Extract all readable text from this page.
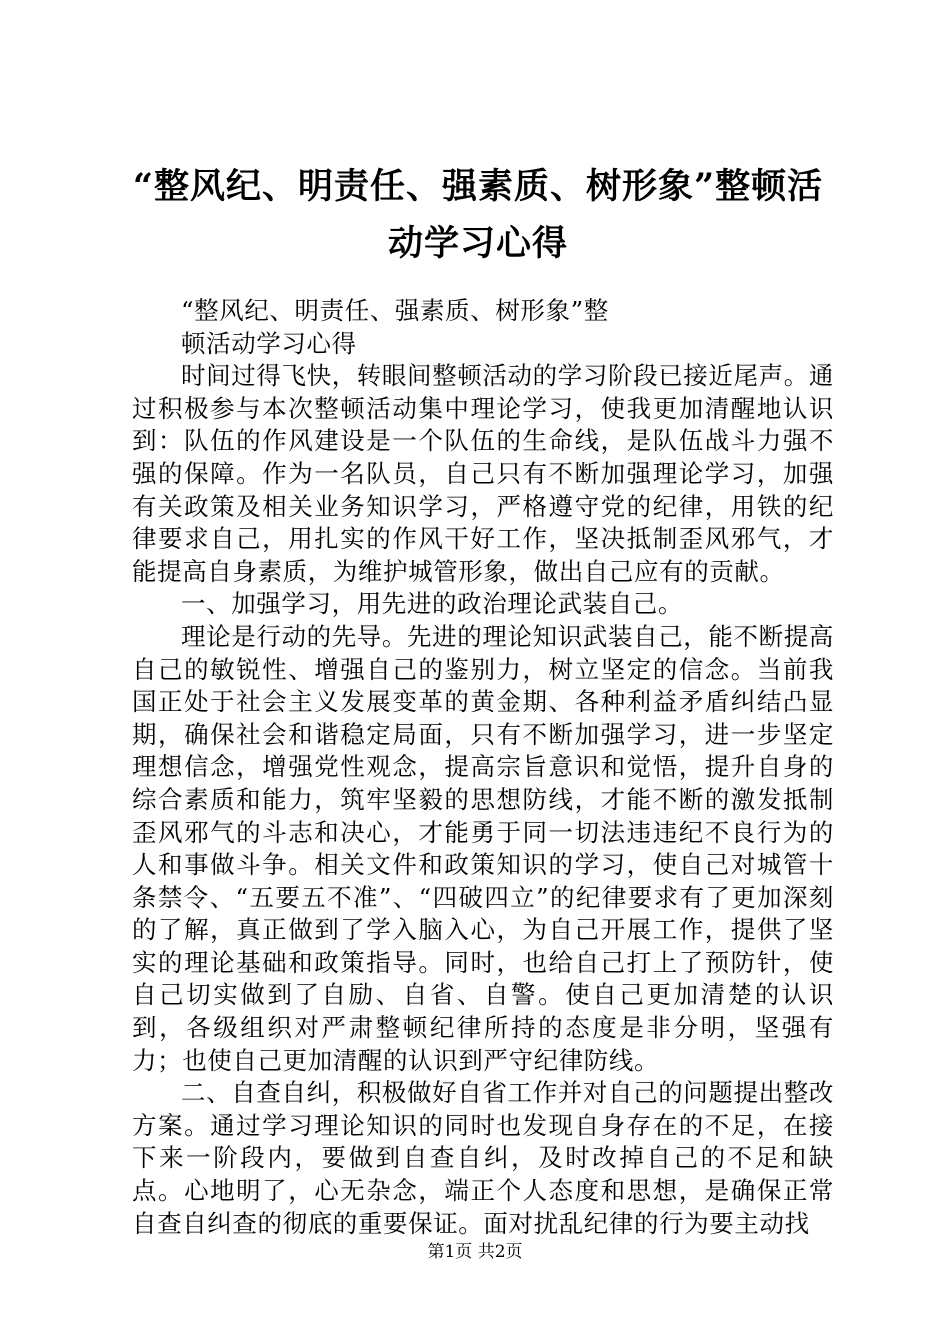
“整风纪、明责任、强素质、树形象”整顿活动学习心得

“整风纪、明责任、强素质、树形象”整

顿活动学习心得

时间过得飞快，转眼间整顿活动的学习阶段已接近尾声。通过积极参与本次整顿活动集中理论学习，使我更加清醒地认识到：队伍的作风建设是一个队伍的生命线，是队伍战斗力强不强的保障。作为一名队员，自己只有不断加强理论学习，加强有关政策及相关业务知识学习，严格遵守党的纪律，用铁的纪律要求自己，用扎实的作风干好工作，坚决抵制歪风邪气，才能提高自身素质，为维护城管形象，做出自己应有的贡献。

一、加强学习，用先进的政治理论武装自己。

理论是行动的先导。先进的理论知识武装自己，能不断提高自己的敏锐性、增强自己的鉴别力，树立坚定的信念。当前我国正处于社会主义发展变革的黄金期、各种利益矛盾纠结凸显期，确保社会和谐稳定局面，只有不断加强学习，进一步坚定理想信念，增强党性观念，提高宗旨意识和觉悟，提升自身的综合素质和能力，筑牢坚毅的思想防线，才能不断的激发抵制歪风邪气的斗志和决心，才能勇于同一切法违违纪不良行为的人和事做斗争。相关文件和政策知识的学习，使自己对城管十条禁令、“五要五不准”、“四破四立”的纪律要求有了更加深刻的了解，真正做到了学入脑入心，为自己开展工作，提供了坚实的理论基础和政策指导。同时，也给自己打上了预防针，使自己切实做到了自励、自省、自警。使自己更加清楚的认识到，各级组织对严肃整顿纪律所持的态度是非分明，坚强有力；也使自己更加清醒的认识到严守纪律防线。

二、自查自纠，积极做好自省工作并对自己的问题提出整改方案。通过学习理论知识的同时也发现自身存在的不足，在接下来一阶段内，要做到自查自纠，及时改掉自己的不足和缺点。心地明了，心无杂念，端正个人态度和思想，是确保正常自查自纠查的彻底的重要保证。面对扰乱纪律的行为要主动找

第1页 共2页
